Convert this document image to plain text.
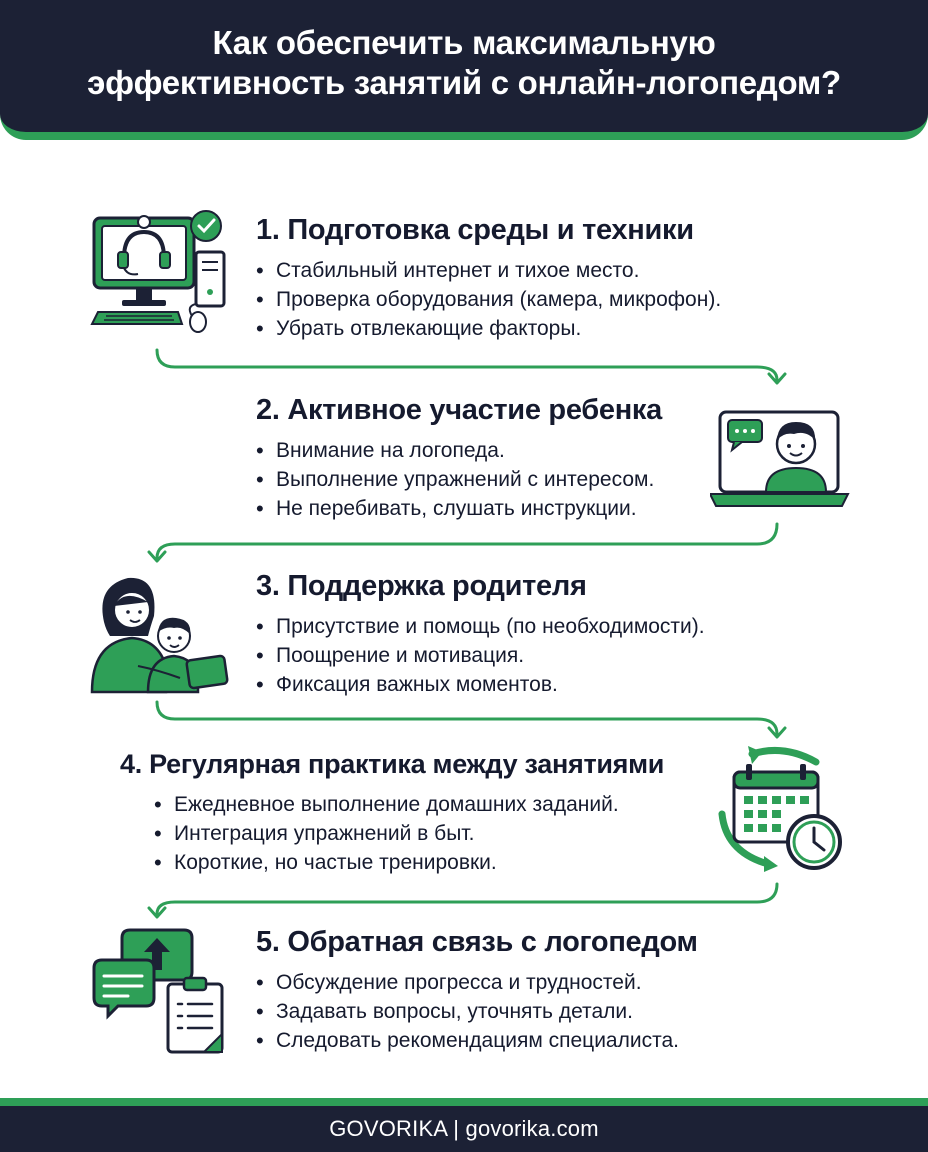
Как обеспечить максимальную
эффективность занятий с онлайн-логопедом?
1. Подготовка среды и техники
• Стабильный интернет и тихое место.
• Проверка оборудования (камера, микрофон).
• Убрать отвлекающие факторы.
2. Активное участие ребенка
• Внимание на логопеда.
• Выполнение упражнений с интересом.
• Не перебивать, слушать инструкции.
3. Поддержка родителя
• Присутствие и помощь (по необходимости).
• Поощрение и мотивация.
• Фиксация важных моментов.
4. Регулярная практика между занятиями
• Ежедневное выполнение домашних заданий.
• Интеграция упражнений в быт.
• Короткие, но частые тренировки.
5. Обратная связь с логопедом
• Обсуждение прогресса и трудностей.
• Задавать вопросы, уточнять детали.
• Следовать рекомендациям специалиста.
GOVORIKA | govorika.com
